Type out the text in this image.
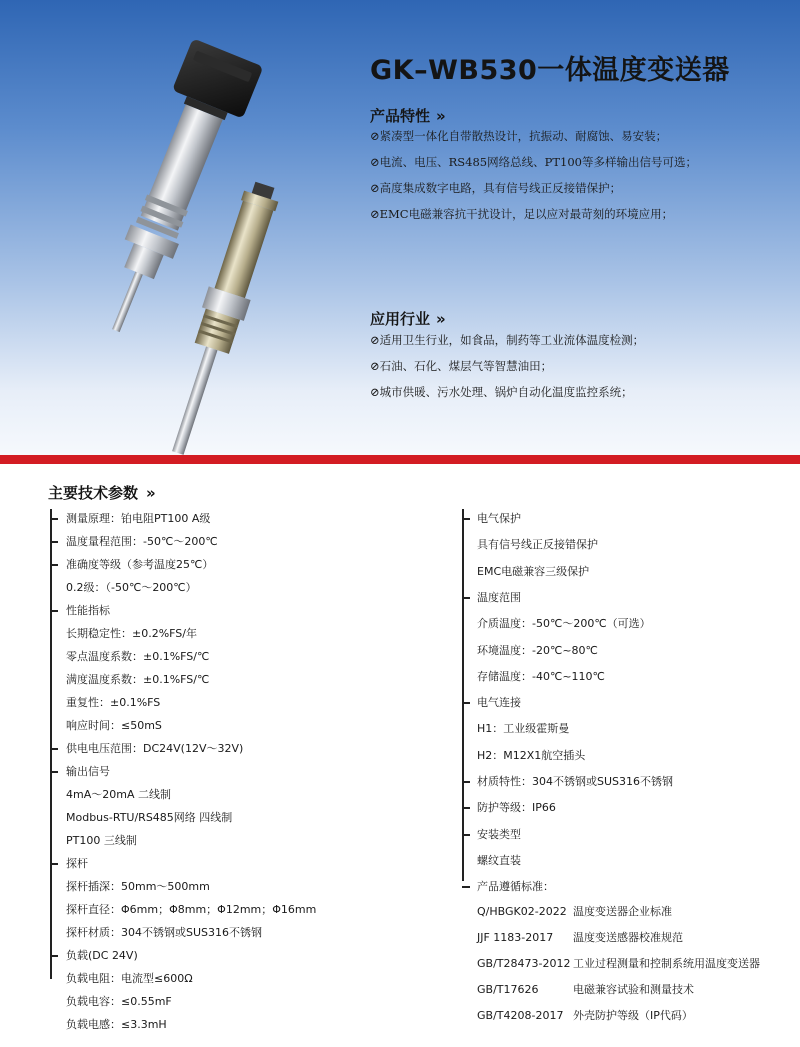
GK–WB530一体温度变送器
产品特性 »
⊘紧凑型一体化自带散热设计，抗振动、耐腐蚀、易安装；
⊘电流、电压、RS485网络总线、PT100等多样输出信号可选；
⊘高度集成数字电路，具有信号线正反接错保护；
⊘EMC电磁兼容抗干扰设计，足以应对最苛刻的环境应用；
应用行业 »
⊘适用卫生行业，如食品，制药等工业流体温度检测；
⊘石油、石化、煤层气等智慧油田；
⊘城市供暖、污水处理、锅炉自动化温度监控系统；
主要技术参数 »
测量原理：铂电阻PT100 A级
温度量程范围：-50℃～200℃
准确度等级（参考温度25℃）
0.2级：（-50℃～200℃）
性能指标
长期稳定性：±0.2%FS/年
零点温度系数：±0.1%FS/℃
满度温度系数：±0.1%FS/℃
重复性：±0.1%FS
响应时间：≤50mS
供电电压范围：DC24V(12V～32V)
输出信号
4mA～20mA 二线制
Modbus-RTU/RS485网络 四线制
PT100 三线制
探杆
探杆插深：50mm～500mm
探杆直径：Φ6mm；Φ8mm；Φ12mm；Φ16mm
探杆材质：304不锈钢或SUS316不锈钢
负载(DC 24V)
负载电阻：电流型≤600Ω
负载电容：≤0.55mF
负载电感：≤3.3mH
电气保护
具有信号线正反接错保护
EMC电磁兼容三级保护
温度范围
介质温度：-50℃～200℃（可选）
环境温度：-20℃~80℃
存储温度：-40℃~110℃
电气连接
H1：工业级霍斯曼
H2：M12X1航空插头
材质特性：304不锈钢或SUS316不锈钢
防护等级：IP66
安装类型
螺纹直装
产品遵循标准：
Q/HBGK02-2022 温度变送器企业标准
JJF 1183-2017 温度变送感器校准规范
GB/T28473-2012 工业过程测量和控制系统用温度变送器
GB/T17626	电磁兼容试验和测量技术
GB/T4208-2017 外壳防护等级（IP代码）
